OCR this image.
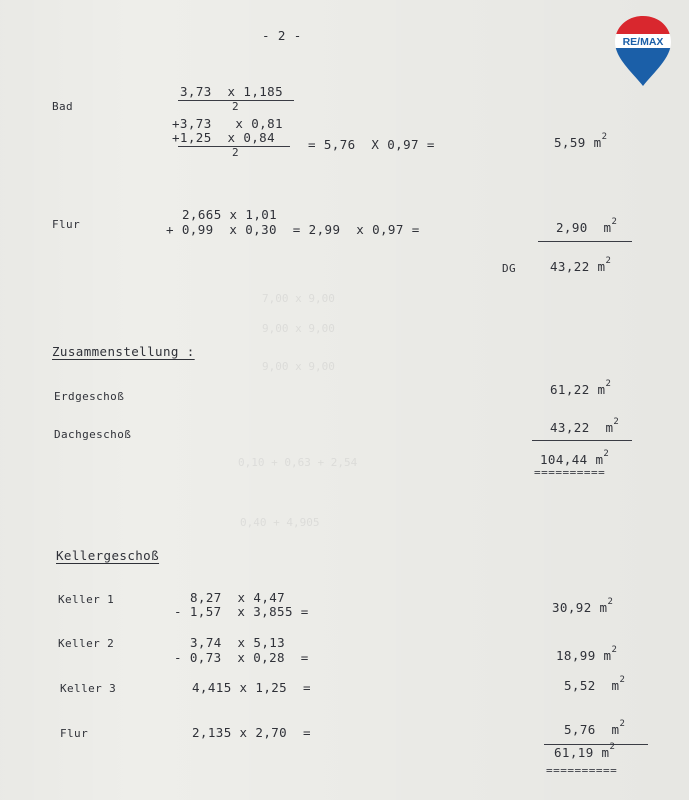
RE/MAX
7,00 x 9,00
9,00 x 9,00
9,00 x 9,00
0,10 + 0,63 + 2,54
0,40 + 4,905
- 2 -
Bad
3,73  x 1,185
2
+3,73   x 0,81
+1,25  x 0,84
2
= 5,76  X 0,97 =	5,59 $m^2$
Flur
2,665 x 1,01
+ 0,99  x 0,30  = 2,99  x 0,97 =	2,90  $m^2$
DG	43,22 $m^2$
Zusammenstellung :
Erdgeschoß	61,22 $m^2$
Dachgeschoß	43,22  $m^2$
104,44 $m^2$
==========
Kellergeschoß
Keller 1	8,27  x 4,47
- 1,57  x 3,855 =	30,92 $m^2$
Keller 2	3,74  x 5,13
- 0,73  x 0,28  =	18,99 $m^2$
Keller 3	4,415 x 1,25  =	5,52  $m^2$
Flur	2,135 x 2,70  =	5,76  $m^2$
61,19 $m^2$
==========
